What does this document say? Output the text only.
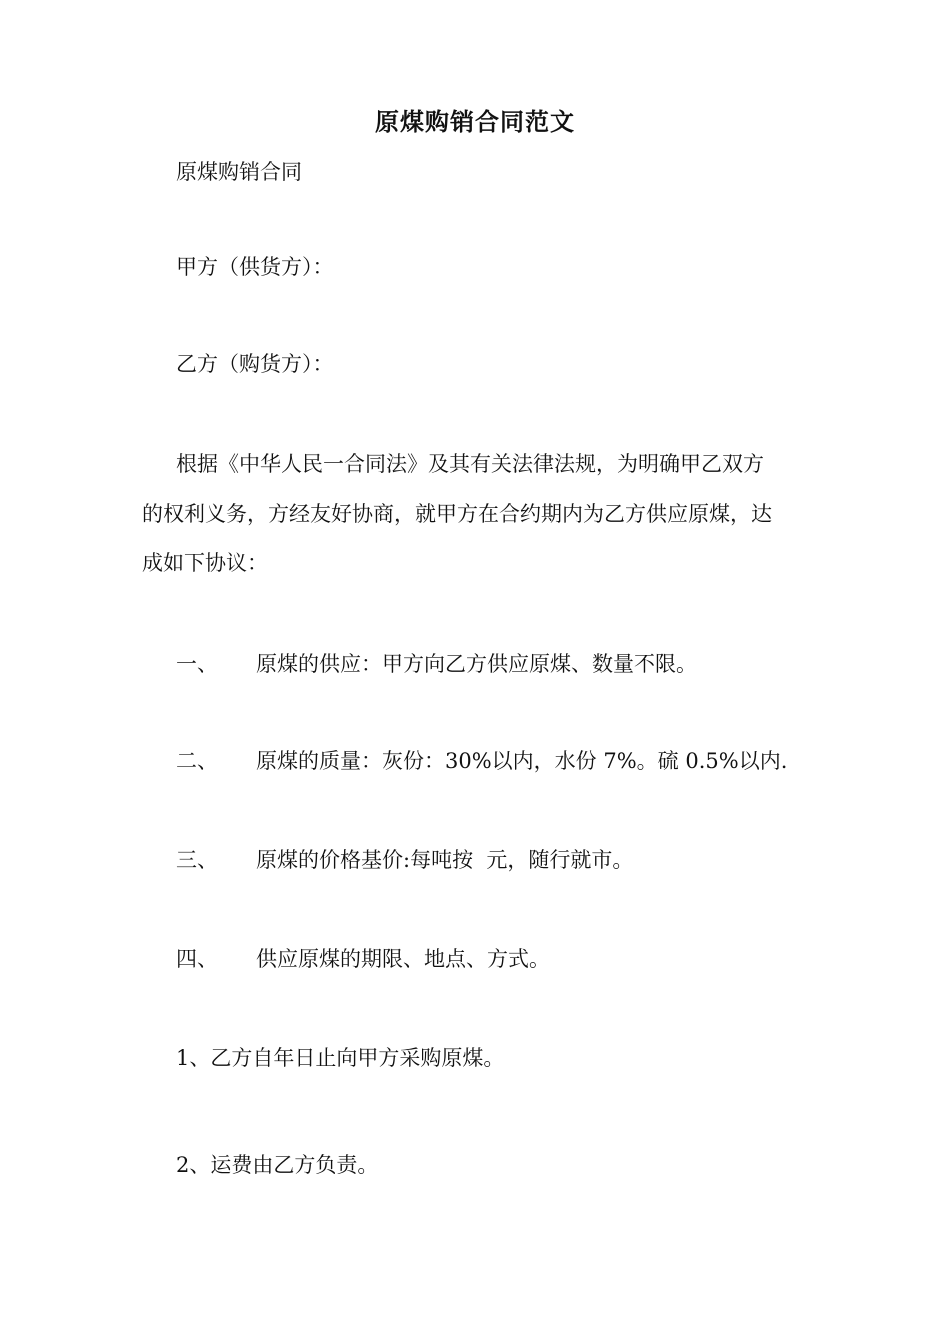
原煤购销合同范文
原煤购销合同
甲方（供货方）：
乙方（购货方）：
根据《中华人民一合同法》及其有关法律法规，为明确甲乙双方
的权利义务，方经友好协商，就甲方在合约期内为乙方供应原煤，达
成如下协议：
一、 原煤的供应：甲方向乙方供应原煤、数量不限。
二、 原煤的质量：灰份：30%以内，水份 7%。硫 0.5%以内.
三、 原煤的价格基价:每吨按  元，随行就市。
四、 供应原煤的期限、地点、方式。
1、乙方自年日止向甲方采购原煤。
2、运费由乙方负责。
